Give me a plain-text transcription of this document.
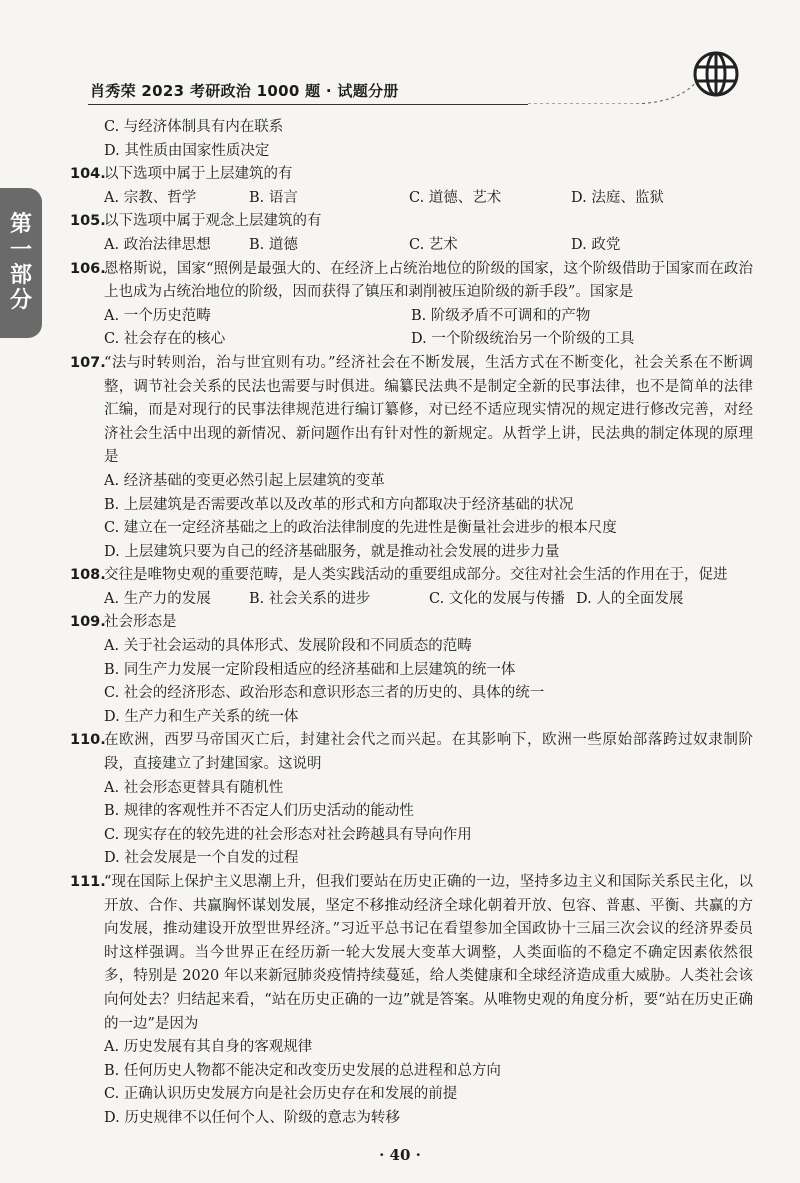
肖秀荣 2023 考研政治 1000 题 · 试题分册
第
一
部
分
C. 与经济体制具有内在联系
D. 其性质由国家性质决定
104.
以下选项中属于上层建筑的有
A. 宗教、哲学	B. 语言	C. 道德、艺术	D. 法庭、监狱
105.
以下选项中属于观念上层建筑的有
A. 政治法律思想	B. 道德	C. 艺术	D. 政党
106.
恩格斯说，国家“照例是最强大的、在经济上占统治地位的阶级的国家，这个阶级借助于国家而在政治上也成为占统治地位的阶级，因而获得了镇压和剥削被压迫阶级的新手段”。国家是
A. 一个历史范畴	B. 阶级矛盾不可调和的产物
C. 社会存在的核心	D. 一个阶级统治另一个阶级的工具
107.
“法与时转则治，治与世宜则有功。”经济社会在不断发展，生活方式在不断变化，社会关系在不断调整，调节社会关系的民法也需要与时俱进。编纂民法典不是制定全新的民事法律，也不是简单的法律汇编，而是对现行的民事法律规范进行编订纂修，对已经不适应现实情况的规定进行修改完善，对经济社会生活中出现的新情况、新问题作出有针对性的新规定。从哲学上讲，民法典的制定体现的原理是
A. 经济基础的变更必然引起上层建筑的变革
B. 上层建筑是否需要改革以及改革的形式和方向都取决于经济基础的状况
C. 建立在一定经济基础之上的政治法律制度的先进性是衡量社会进步的根本尺度
D. 上层建筑只要为自己的经济基础服务，就是推动社会发展的进步力量
108.
交往是唯物史观的重要范畴，是人类实践活动的重要组成部分。交往对社会生活的作用在于，促进
A. 生产力的发展	B. 社会关系的进步	C. 文化的发展与传播 D. 人的全面发展
109.
社会形态是
A. 关于社会运动的具体形式、发展阶段和不同质态的范畴
B. 同生产力发展一定阶段相适应的经济基础和上层建筑的统一体
C. 社会的经济形态、政治形态和意识形态三者的历史的、具体的统一
D. 生产力和生产关系的统一体
110.
在欧洲，西罗马帝国灭亡后，封建社会代之而兴起。在其影响下，欧洲一些原始部落跨过奴隶制阶段，直接建立了封建国家。这说明
A. 社会形态更替具有随机性
B. 规律的客观性并不否定人们历史活动的能动性
C. 现实存在的较先进的社会形态对社会跨越具有导向作用
D. 社会发展是一个自发的过程
111.
“现在国际上保护主义思潮上升，但我们要站在历史正确的一边，坚持多边主义和国际关系民主化，以开放、合作、共赢胸怀谋划发展，坚定不移推动经济全球化朝着开放、包容、普惠、平衡、共赢的方向发展，推动建设开放型世界经济。”习近平总书记在看望参加全国政协十三届三次会议的经济界委员时这样强调。当今世界正在经历新一轮大发展大变革大调整，人类面临的不稳定不确定因素依然很多，特别是 2020 年以来新冠肺炎疫情持续蔓延，给人类健康和全球经济造成重大威胁。人类社会该向何处去？归结起来看，“站在历史正确的一边”就是答案。从唯物史观的角度分析，要“站在历史正确的一边”是因为
A. 历史发展有其自身的客观规律
B. 任何历史人物都不能决定和改变历史发展的总进程和总方向
C. 正确认识历史发展方向是社会历史存在和发展的前提
D. 历史规律不以任何个人、阶级的意志为转移
· 40 ·
